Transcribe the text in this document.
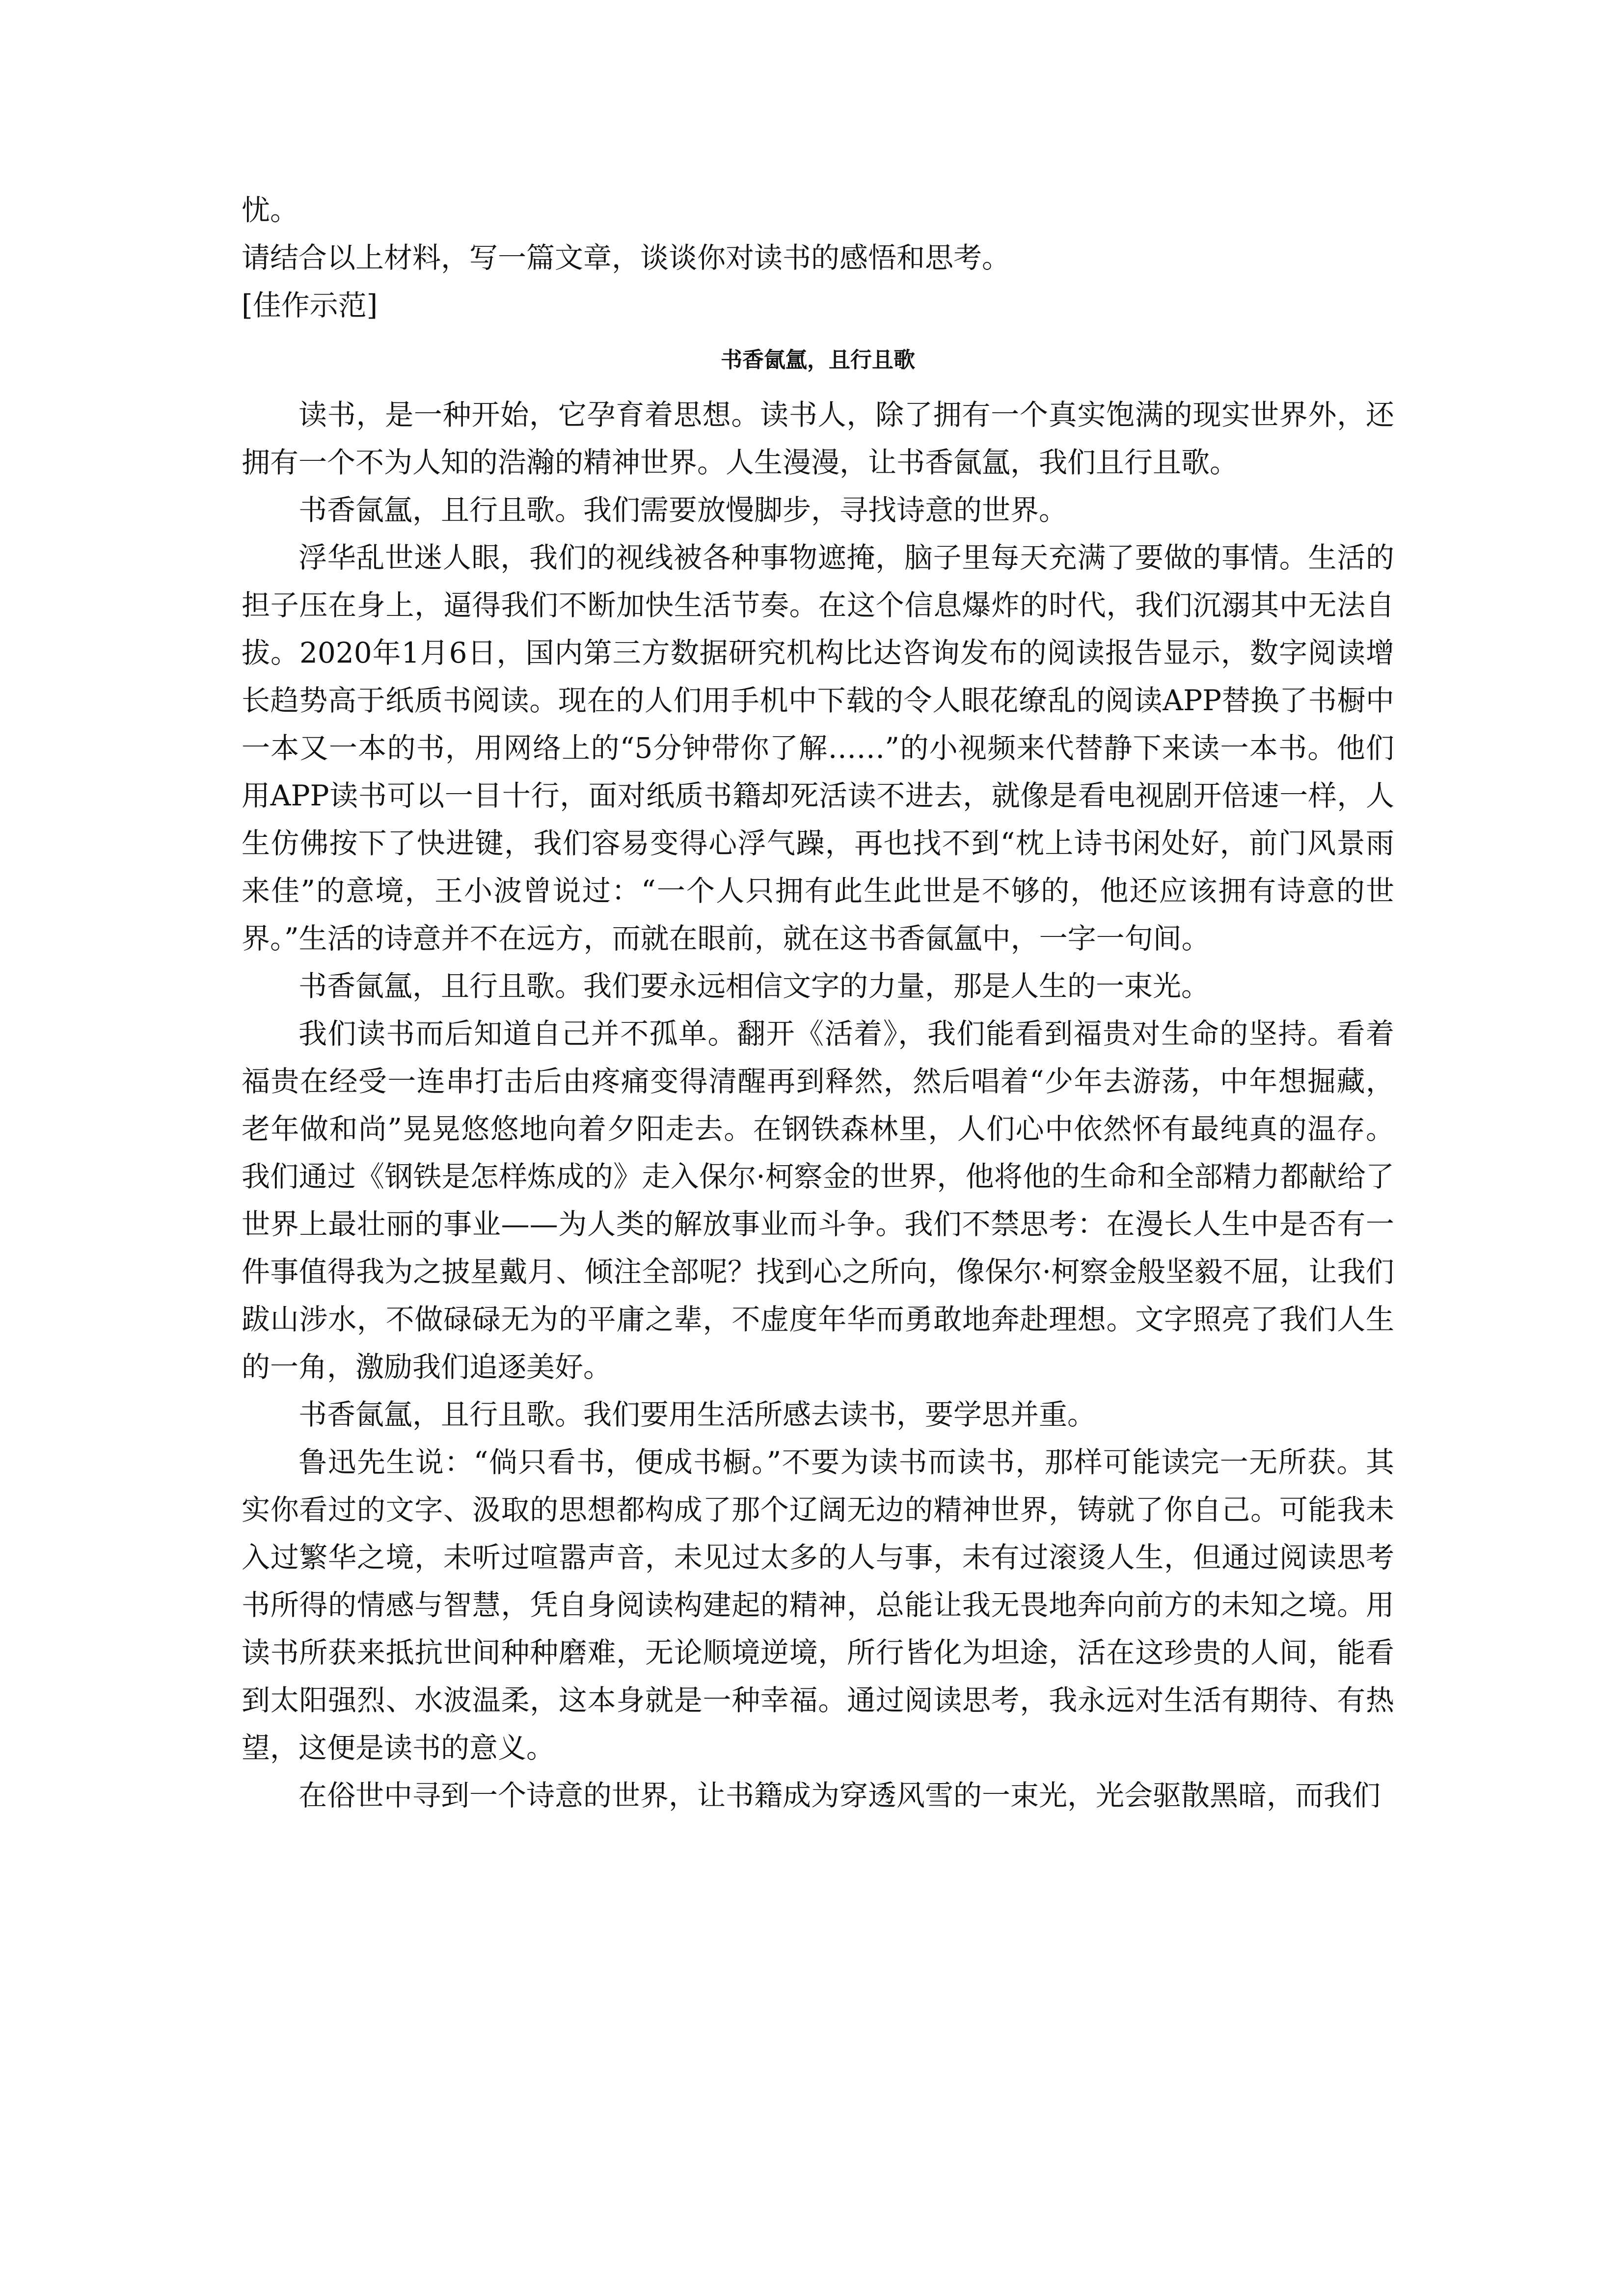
忧。

请结合以上材料，写一篇文章，谈谈你对读书的感悟和思考。

[佳作示范]

书香氤氲，且行且歌

读书，是一种开始，它孕育着思想。读书人，除了拥有一个真实饱满的现实世界外，还拥有一个不为人知的浩瀚的精神世界。人生漫漫，让书香氤氲，我们且行且歌。

书香氤氲，且行且歌。我们需要放慢脚步，寻找诗意的世界。

浮华乱世迷人眼，我们的视线被各种事物遮掩，脑子里每天充满了要做的事情。生活的担子压在身上，逼得我们不断加快生活节奏。在这个信息爆炸的时代，我们沉溺其中无法自拔。2020年1月6日，国内第三方数据研究机构比达咨询发布的阅读报告显示，数字阅读增长趋势高于纸质书阅读。现在的人们用手机中下载的令人眼花缭乱的阅读APP替换了书橱中一本又一本的书，用网络上的“5分钟带你了解……”的小视频来代替静下来读一本书。他们用APP读书可以一目十行，面对纸质书籍却死活读不进去，就像是看电视剧开倍速一样，人生仿佛按下了快进键，我们容易变得心浮气躁，再也找不到“枕上诗书闲处好，前门风景雨来佳”的意境，王小波曾说过：“一个人只拥有此生此世是不够的，他还应该拥有诗意的世界。”生活的诗意并不在远方，而就在眼前，就在这书香氤氲中，一字一句间。

书香氤氲，且行且歌。我们要永远相信文字的力量，那是人生的一束光。

我们读书而后知道自己并不孤单。翻开《活着》，我们能看到福贵对生命的坚持。看着福贵在经受一连串打击后由疼痛变得清醒再到释然，然后唱着“少年去游荡，中年想掘藏，老年做和尚”晃晃悠悠地向着夕阳走去。在钢铁森林里，人们心中依然怀有最纯真的温存。我们通过《钢铁是怎样炼成的》走入保尔·柯察金的世界，他将他的生命和全部精力都献给了世界上最壮丽的事业——为人类的解放事业而斗争。我们不禁思考：在漫长人生中是否有一件事值得我为之披星戴月、倾注全部呢？找到心之所向，像保尔·柯察金般坚毅不屈，让我们跋山涉水，不做碌碌无为的平庸之辈，不虚度年华而勇敢地奔赴理想。文字照亮了我们人生的一角，激励我们追逐美好。

书香氤氲，且行且歌。我们要用生活所感去读书，要学思并重。

鲁迅先生说：“倘只看书，便成书橱。”不要为读书而读书，那样可能读完一无所获。其实你看过的文字、汲取的思想都构成了那个辽阔无边的精神世界，铸就了你自己。可能我未入过繁华之境，未听过喧嚣声音，未见过太多的人与事，未有过滚烫人生，但通过阅读思考书所得的情感与智慧，凭自身阅读构建起的精神，总能让我无畏地奔向前方的未知之境。用读书所获来抵抗世间种种磨难，无论顺境逆境，所行皆化为坦途，活在这珍贵的人间，能看到太阳强烈、水波温柔，这本身就是一种幸福。通过阅读思考，我永远对生活有期待、有热望，这便是读书的意义。

在俗世中寻到一个诗意的世界，让书籍成为穿透风雪的一束光，光会驱散黑暗，而我们
